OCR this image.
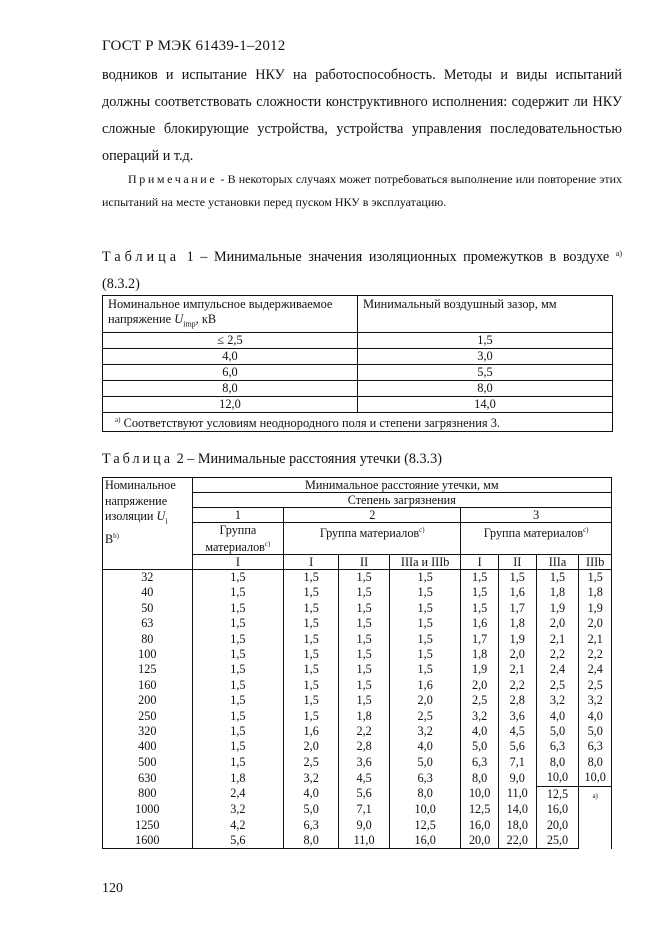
ГОСТ Р МЭК 61439-1–2012

водников и испытание НКУ на работоспособность. Методы и виды испытаний должны соответствовать сложности конструктивного исполнения: содержит ли НКУ сложные блокирующие устройства, устройства управления последовательностью операций и т.д.

Примечание - В некоторых случаях может потребоваться выполнение или повторение этих испытаний на месте установки перед пуском НКУ в эксплуатацию.
Таблица 1 – Минимальные значения изоляционных промежутков в воздухе $^{a)}$ (8.3.2)
Номинальное импульсное выдерживаемое напряжение $U_{imp}$, кВ	Минимальный воздушный зазор, мм
≤ 2,5	1,5
4,0	3,0
6,0	5,5
8,0	8,0
12,0	14,0
$^{a)}$ Соответствуют условиям неоднородного поля и степени загрязнения 3.	
Таблица 2 – Минимальные расстояния утечки (8.3.3)
Номинальное напряжение изоляции $U_i$
$В^{b)}$	Минимальное расстояние утечки, мм							
	Степень загрязнения							
	1	2			3			
	Группа материалов$^{c)}$	Группа материалов$^{c)}$			Группа материалов$^{c)}$
	I	I	II	IIIa и IIIb	I	II	IIIa	IIIb
32	1,5	1,5	1,5	1,5	1,5	1,5	1,5	1,5
40	1,5	1,5	1,5	1,5	1,5	1,6	1,8	1,8
50	1,5	1,5	1,5	1,5	1,5	1,7	1,9	1,9
63	1,5	1,5	1,5	1,5	1,6	1,8	2,0	2,0
80	1,5	1,5	1,5	1,5	1,7	1,9	2,1	2,1
100	1,5	1,5	1,5	1,5	1,8	2,0	2,2	2,2
125	1,5	1,5	1,5	1,5	1,9	2,1	2,4	2,4
160	1,5	1,5	1,5	1,6	2,0	2,2	2,5	2,5
200	1,5	1,5	1,5	2,0	2,5	2,8	3,2	3,2
250	1,5	1,5	1,8	2,5	3,2	3,6	4,0	4,0
320	1,5	1,6	2,2	3,2	4,0	4,5	5,0	5,0
400	1,5	2,0	2,8	4,0	5,0	5,6	6,3	6,3
500	1,5	2,5	3,6	5,0	6,3	7,1	8,0	8,0
630	1,8	3,2	4,5	6,3	8,0	9,0	10,0	10,0
800	2,4	4,0	5,6	8,0	10,0	11,0	12,5	a)
1000	3,2	5,0	7,1	10,0	12,5	14,0	16,0	
1250	4,2	6,3	9,0	12,5	16,0	18,0	20,0	
1600	5,6	8,0	11,0	16,0	20,0	22,0	25,0	
120
